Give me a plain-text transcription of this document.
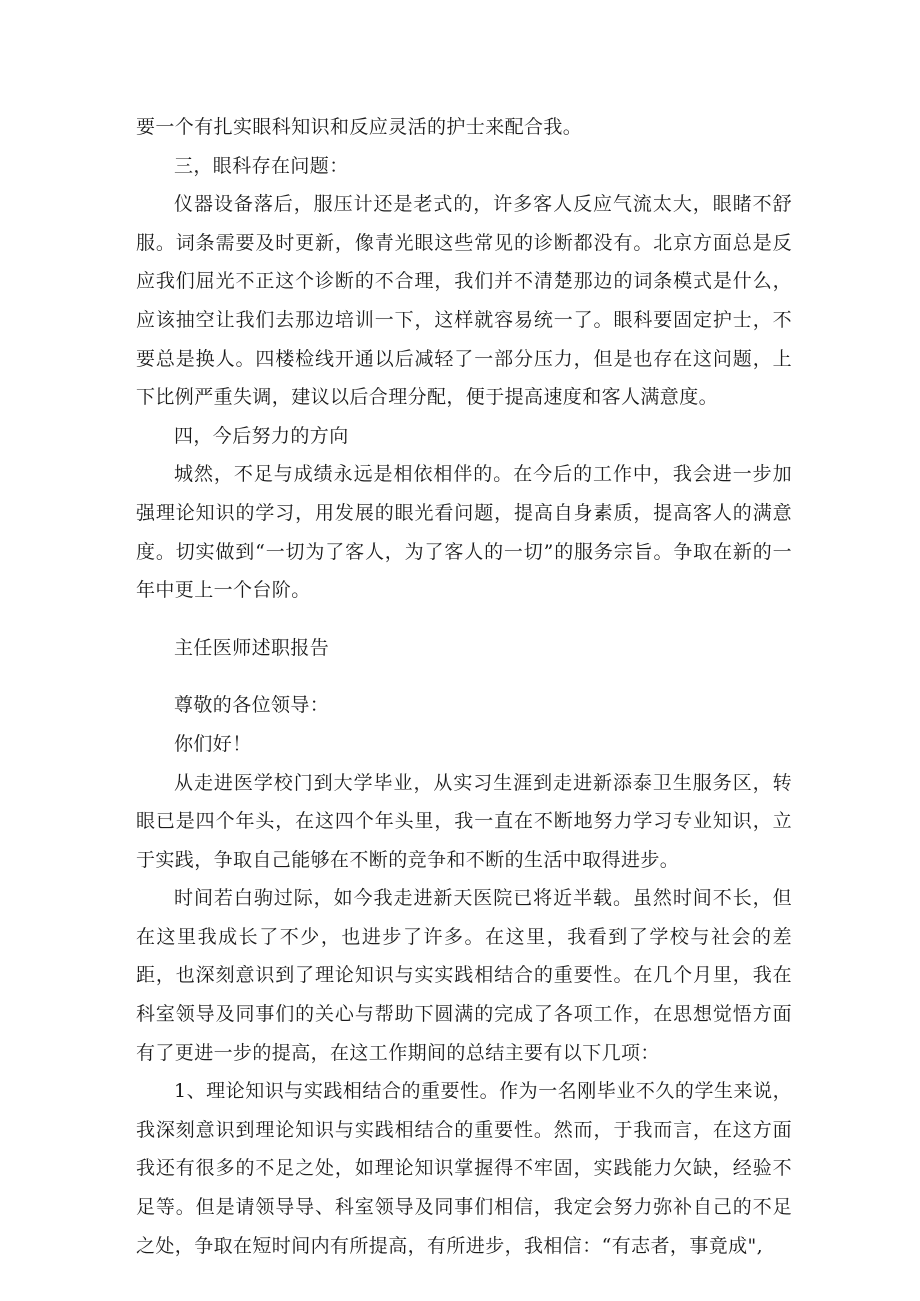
要一个有扎实眼科知识和反应灵活的护士来配合我。

三，眼科存在问题：

仪器设备落后，服压计还是老式的，许多客人反应气流太大，眼睹不舒服。词条需要及时更新，像青光眼这些常见的诊断都没有。北京方面总是反应我们屈光不正这个诊断的不合理，我们并不清楚那边的词条模式是什么，应该抽空让我们去那边培训一下，这样就容易统一了。眼科要固定护士，不要总是换人。四楼检线开通以后减轻了一部分压力，但是也存在这问题，上下比例严重失调，建议以后合理分配，便于提高速度和客人满意度。

四，今后努力的方向

城然，不足与成绩永远是相依相伴的。在今后的工作中，我会进一步加强理论知识的学习，用发展的眼光看问题，提高自身素质，提高客人的满意度。切实做到“一切为了客人，为了客人的一切”的服务宗旨。争取在新的一年中更上一个台阶。

主任医师述职报告

尊敬的各位领导：

你们好！

从走进医学校门到大学毕业，从实习生涯到走进新添泰卫生服务区，转眼已是四个年头，在这四个年头里，我一直在不断地努力学习专业知识，立于实践，争取自己能够在不断的竞争和不断的生活中取得进步。

时间若白驹过际，如今我走进新天医院已将近半载。虽然时间不长，但在这里我成长了不少，也进步了许多。在这里，我看到了学校与社会的差距，也深刻意识到了理论知识与实实践相结合的重要性。在几个月里，我在科室领导及同事们的关心与帮助下圆满的完成了各项工作，在思想觉悟方面有了更进一步的提高，在这工作期间的总结主要有以下几项：

1、理论知识与实践相结合的重要性。作为一名刚毕业不久的学生来说，我深刻意识到理论知识与实践相结合的重要性。然而，于我而言，在这方面我还有很多的不足之处，如理论知识掌握得不牢固，实践能力欠缺，经验不足等。但是请领导导、科室领导及同事们相信，我定会努力弥补自己的不足之处，争取在短时间内有所提高，有所进步，我相信：“有志者，事竟成",
